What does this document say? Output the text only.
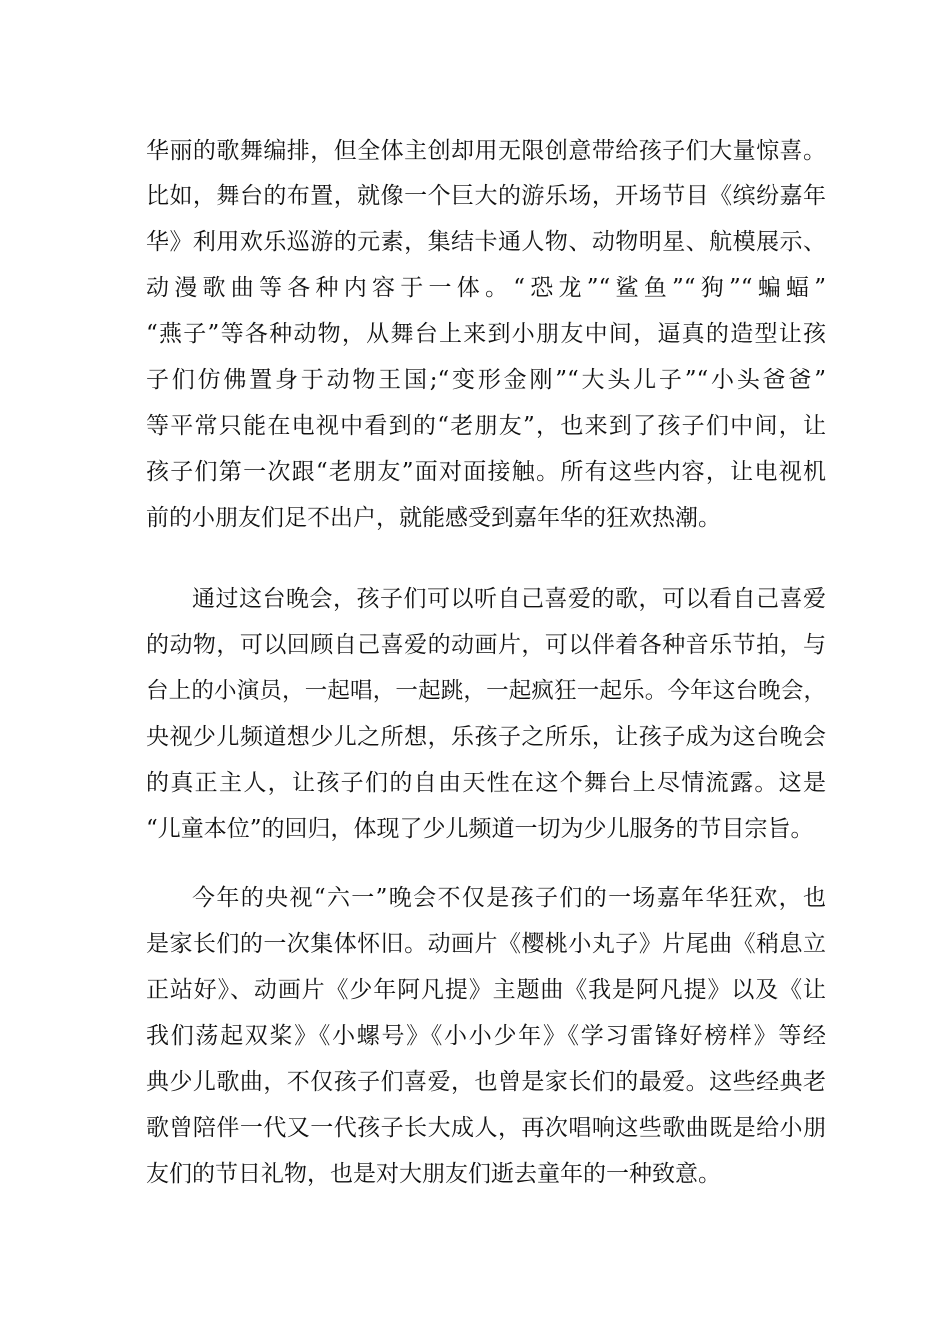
华丽的歌舞编排，但全体主创却用无限创意带给孩子们大量惊喜。
比如，舞台的布置，就像一个巨大的游乐场，开场节目《缤纷嘉年
华》利用欢乐巡游的元素，集结卡通人物、动物明星、航模展示、
动漫歌曲等各种内容于一体。“恐龙”“鲨鱼”“狗”“蝙蝠”
“燕子”等各种动物，从舞台上来到小朋友中间，逼真的造型让孩
子们仿佛置身于动物王国;“变形金刚”“大头儿子”“小头爸爸”
等平常只能在电视中看到的“老朋友”，也来到了孩子们中间，让
孩子们第一次跟“老朋友”面对面接触。所有这些内容，让电视机
前的小朋友们足不出户，就能感受到嘉年华的狂欢热潮。
通过这台晚会，孩子们可以听自己喜爱的歌，可以看自己喜爱
的动物，可以回顾自己喜爱的动画片，可以伴着各种音乐节拍，与
台上的小演员，一起唱，一起跳，一起疯狂一起乐。今年这台晚会，
央视少儿频道想少儿之所想，乐孩子之所乐，让孩子成为这台晚会
的真正主人，让孩子们的自由天性在这个舞台上尽情流露。这是
“儿童本位”的回归，体现了少儿频道一切为少儿服务的节目宗旨。
今年的央视“六一”晚会不仅是孩子们的一场嘉年华狂欢，也
是家长们的一次集体怀旧。动画片《樱桃小丸子》片尾曲《稍息立
正站好》、动画片《少年阿凡提》主题曲《我是阿凡提》以及《让
我们荡起双桨》《小螺号》《小小少年》《学习雷锋好榜样》等经
典少儿歌曲，不仅孩子们喜爱，也曾是家长们的最爱。这些经典老
歌曾陪伴一代又一代孩子长大成人，再次唱响这些歌曲既是给小朋
友们的节日礼物，也是对大朋友们逝去童年的一种致意。
